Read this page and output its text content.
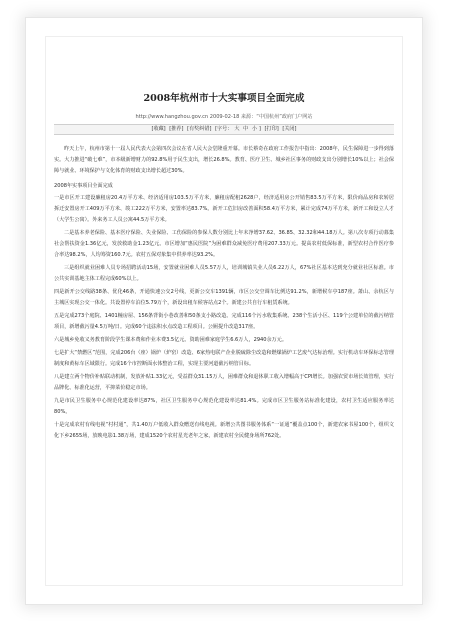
2008年杭州市十大实事项目全面完成
http://www.hangzhou.gov.cn 2009-02-18 来源：“中国杭州”政府门户网站
[收藏] [推荐] [有奖纠错] [字号： 大 中 小 ] [打印] [关闭]

昨天上午，杭州市第十一届人民代表大会第四次会议在省人民大会堂隆重开幕。市长蔡奇在政府工作报告中指出：2008年，民生保障进一步得到落实。大力推进“破七难”，市本级新增财力的92.8%用于民生支出，增长26.8%。教育、医疗卫生、城乡社区事务的财政支出分别增长10%以上；社会保障与就业、环境保护与文化体育的财政支出增长超过30%。

2008年实事项目全面完成

一是市区开工建设廉租房20.4万平方米、经济适用房103.5万平方米，廉租房配租2628户，经济适用房公开销售83.5万平方米，限价商品房和农转居拆迁安置房开工409万平方米、竣工222万平方米，安置率达83.7%。新开工危旧房改善面积58.4万平方米，累计完成74万平方米，新开工和设立人才（大学生公寓）。外来务工人员公寓44.5万平方米。

二是基本养老保险、基本医疗保险、失业保险、工伤保险的参保人数分别比上年末净增37.62、36.85、32.32和44.18万人。第八次专项行动募集社会帮扶资金1.36亿元，发放救助金1.23亿元。市区增加“惠民医院”为困难群众减免医疗费用207.33万元。提高农村低保标准，新型农村合作医疗参合率达98.2%，人均筹资160.7元。农村五保对象集中供养率达93.2%。

三是组织就业困难人员专场招聘活动15场，安置就业困难人员5.57万人，培训城镇失业人员6.22万人，67%社区基本达到充分就业社区标准。市公共实训基地主体工程完成60%以上。

四是新开公交线路38条、优化46条，开通快速公交2号线，更新公交车1391辆，市区公交空调车比例达91.2%，新增候车亭187座。萧山、余杭区与主城区实现公交一体化。共设置停车泊位5.79万个，新设出租车候客站点2个。新建公共自行车租赁系统。

五是完成273个庭院、1401幢房屋、156条背街小巷改善和50条支小路改造。完成116个污水收集系统、238个生活小区、119个公建单位的截污纳管项目，新增截污量4.5万吨/日。完成60个违法积水点改造工程项目。公厕提升改造317座。

六是城乡免收义务教育阶段学生课本费和作业本费3.5亿元。资助困难家庭学生6.6万人，2940余万元。

七是扩大“禁燃区”范围，完成206台（座）锅炉（炉窑）改造、6家热电联产企业脱硫除尘改造和燃煤锅炉工艺废气达标治理。实行机动车环保标志管理制度和黄标车区域限行。完成16个市控断面水体整治工程，实现主要河道截污纳管目标。

八是建立两个物价补贴联动机制，发放补贴1.33亿元，受益群众31.15万人，困难群众和退休职工收入增幅高于CPI增长。加强农贸市场长效管理，实行品牌化、标准化运营，平抑菜价稳定市场。

九是市民卫生服务中心规范化建设率达87%，社区卫生服务中心规范化建设率达81.4%。完成市区卫生服务站标准化建设，农村卫生适应服务率达80%。

十是完成农村有线电视“村村通”，共1.40万户低收入群众赠送有线电视。新增公共图书服务体系“一证通”覆盖点100个，新建农家书屋100个，组织文化下乡2655场，放映电影1.38万场，建成1520个农村星光老年之家，新建农村全民健身场所762处。
